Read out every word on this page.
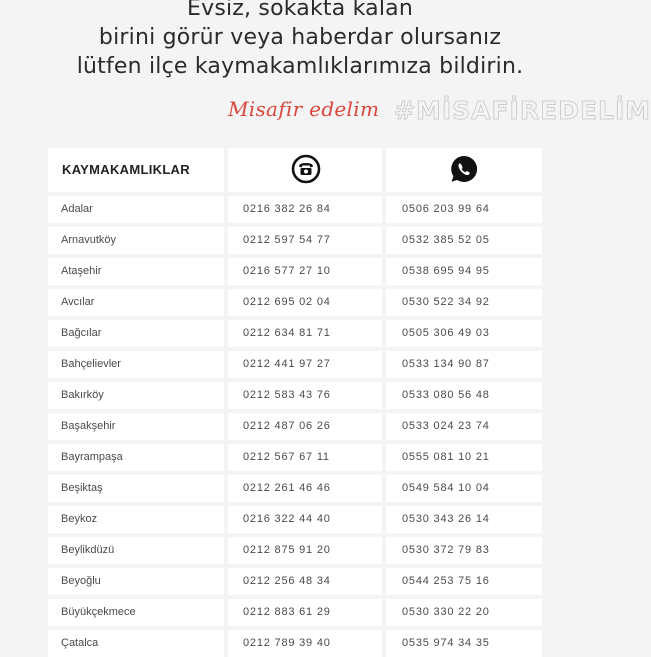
Evsiz, sokakta kalan
birini görür veya haberdar olursanız
lütfen ilçe kaymakamlıklarımıza bildirin.
Misafir edelim #MİSAFİREDELİM
KAYMAKAMLIKLAR
Adalar	0216 382 26 84	0506 203 99 64
Arnavutköy	0212 597 54 77	0532 385 52 05
Ataşehir	0216 577 27 10	0538 695 94 95
Avcılar	0212 695 02 04	0530 522 34 92
Bağcılar	0212 634 81 71	0505 306 49 03
Bahçelievler	0212 441 97 27	0533 134 90 87
Bakırköy	0212 583 43 76	0533 080 56 48
Başakşehir	0212 487 06 26	0533 024 23 74
Bayrampaşa	0212 567 67 11	0555 081 10 21
Beşiktaş	0212 261 46 46	0549 584 10 04
Beykoz	0216 322 44 40	0530 343 26 14
Beylikdüzü	0212 875 91 20	0530 372 79 83
Beyoğlu	0212 256 48 34	0544 253 75 16
Büyükçekmece	0212 883 61 29	0530 330 22 20
Çatalca	0212 789 39 40	0535 974 34 35
